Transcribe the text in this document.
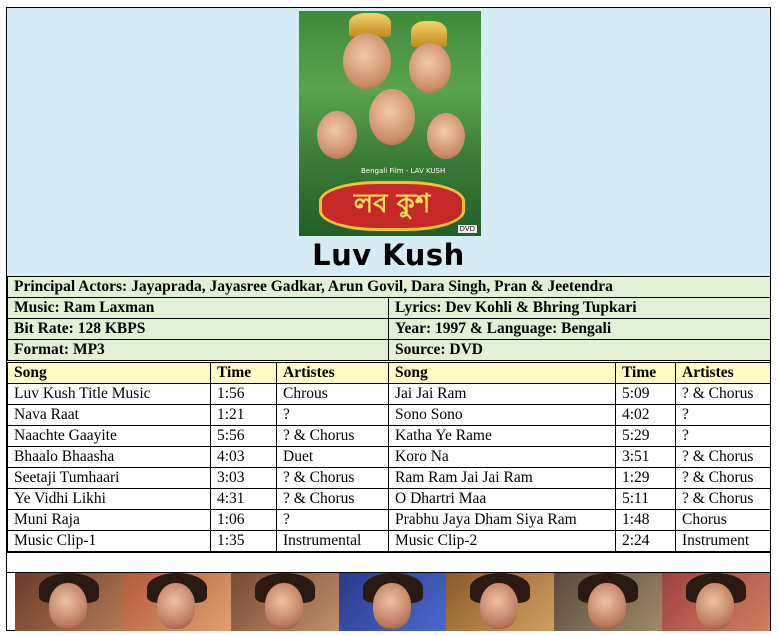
Bengali Film - LAV KUSH
লব কুশ
DVD
Luv Kush
Principal Actors: Jayaprada, Jayasree Gadkar, Arun Govil, Dara Singh, Pran & Jeetendra	
Music: Ram Laxman	Lyrics: Dev Kohli & Bhring Tupkari
Bit Rate: 128 KBPS	Year: 1997 & Language: Bengali
Format: MP3	Source: DVD
Song	Time	Artistes	Song	Time	Artistes
Luv Kush Title Music	1:56	Chrous	Jai Jai Ram	5:09	? & Chorus
Nava Raat	1:21	?	Sono Sono	4:02	?
Naachte Gaayite	5:56	? & Chorus	Katha Ye Rame	5:29	?
Bhaalo Bhaasha	4:03	Duet	Koro Na	3:51	? & Chorus
Seetaji Tumhaari	3:03	? & Chorus	Ram Ram Jai Jai Ram	1:29	? & Chorus
Ye Vidhi Likhi	4:31	? & Chorus	O Dhartri Maa	5:11	? & Chorus
Muni Raja	1:06	?	Prabhu Jaya Dham Siya Ram	1:48	Chorus
Music Clip-1	1:35	Instrumental	Music Clip-2	2:24	Instrument
